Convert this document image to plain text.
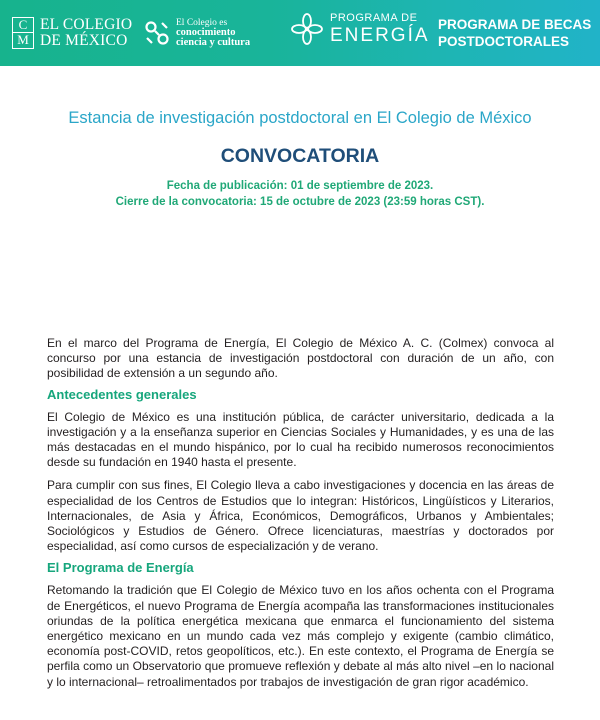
C
M
EL COLEGIO
DE MÉXICO
El Colegio es
conocimiento
ciencia y cultura
PROGRAMA DE
ENERGÍA
PROGRAMA DE BECAS
POSTDOCTORALES
Estancia de investigación postdoctoral en El Colegio de México
CONVOCATORIA
Fecha de publicación: 01 de septiembre de 2023.
Cierre de la convocatoria: 15 de octubre de 2023 (23:59 horas CST).

En el marco del Programa de Energía, El Colegio de México A. C. (Colmex) convoca al concurso por una estancia de investigación postdoctoral con duración de un año, con posibilidad de extensión a un segundo año.

Antecedentes generales

El Colegio de México es una institución pública, de carácter universitario, dedicada a la investigación y a la enseñanza superior en Ciencias Sociales y Humanidades, y es una de las más destacadas en el mundo hispánico, por lo cual ha recibido numerosos reconocimientos desde su fundación en 1940 hasta el presente.

Para cumplir con sus fines, El Colegio lleva a cabo investigaciones y docencia en las áreas de especialidad de los Centros de Estudios que lo integran: Históricos, Lingüísticos y Literarios, Internacionales, de Asia y África, Económicos, Demográficos, Urbanos y Ambientales; Sociológicos y Estudios de Género. Ofrece licenciaturas, maestrías y doctorados por especialidad, así como cursos de especialización y de verano.

El Programa de Energía

Retomando la tradición que El Colegio de México tuvo en los años ochenta con el Programa de Energéticos, el nuevo Programa de Energía acompaña las transformaciones institucionales oriundas de la política energética mexicana que enmarca el funcionamiento del sistema energético mexicano en un mundo cada vez más complejo y exigente (cambio climático, economía post-COVID, retos geopolíticos, etc.). En este contexto, el Programa de Energía se perfila como un Observatorio que promueve reflexión y debate al más alto nivel –en lo nacional y lo internacional– retroalimentados por trabajos de investigación de gran rigor académico.
